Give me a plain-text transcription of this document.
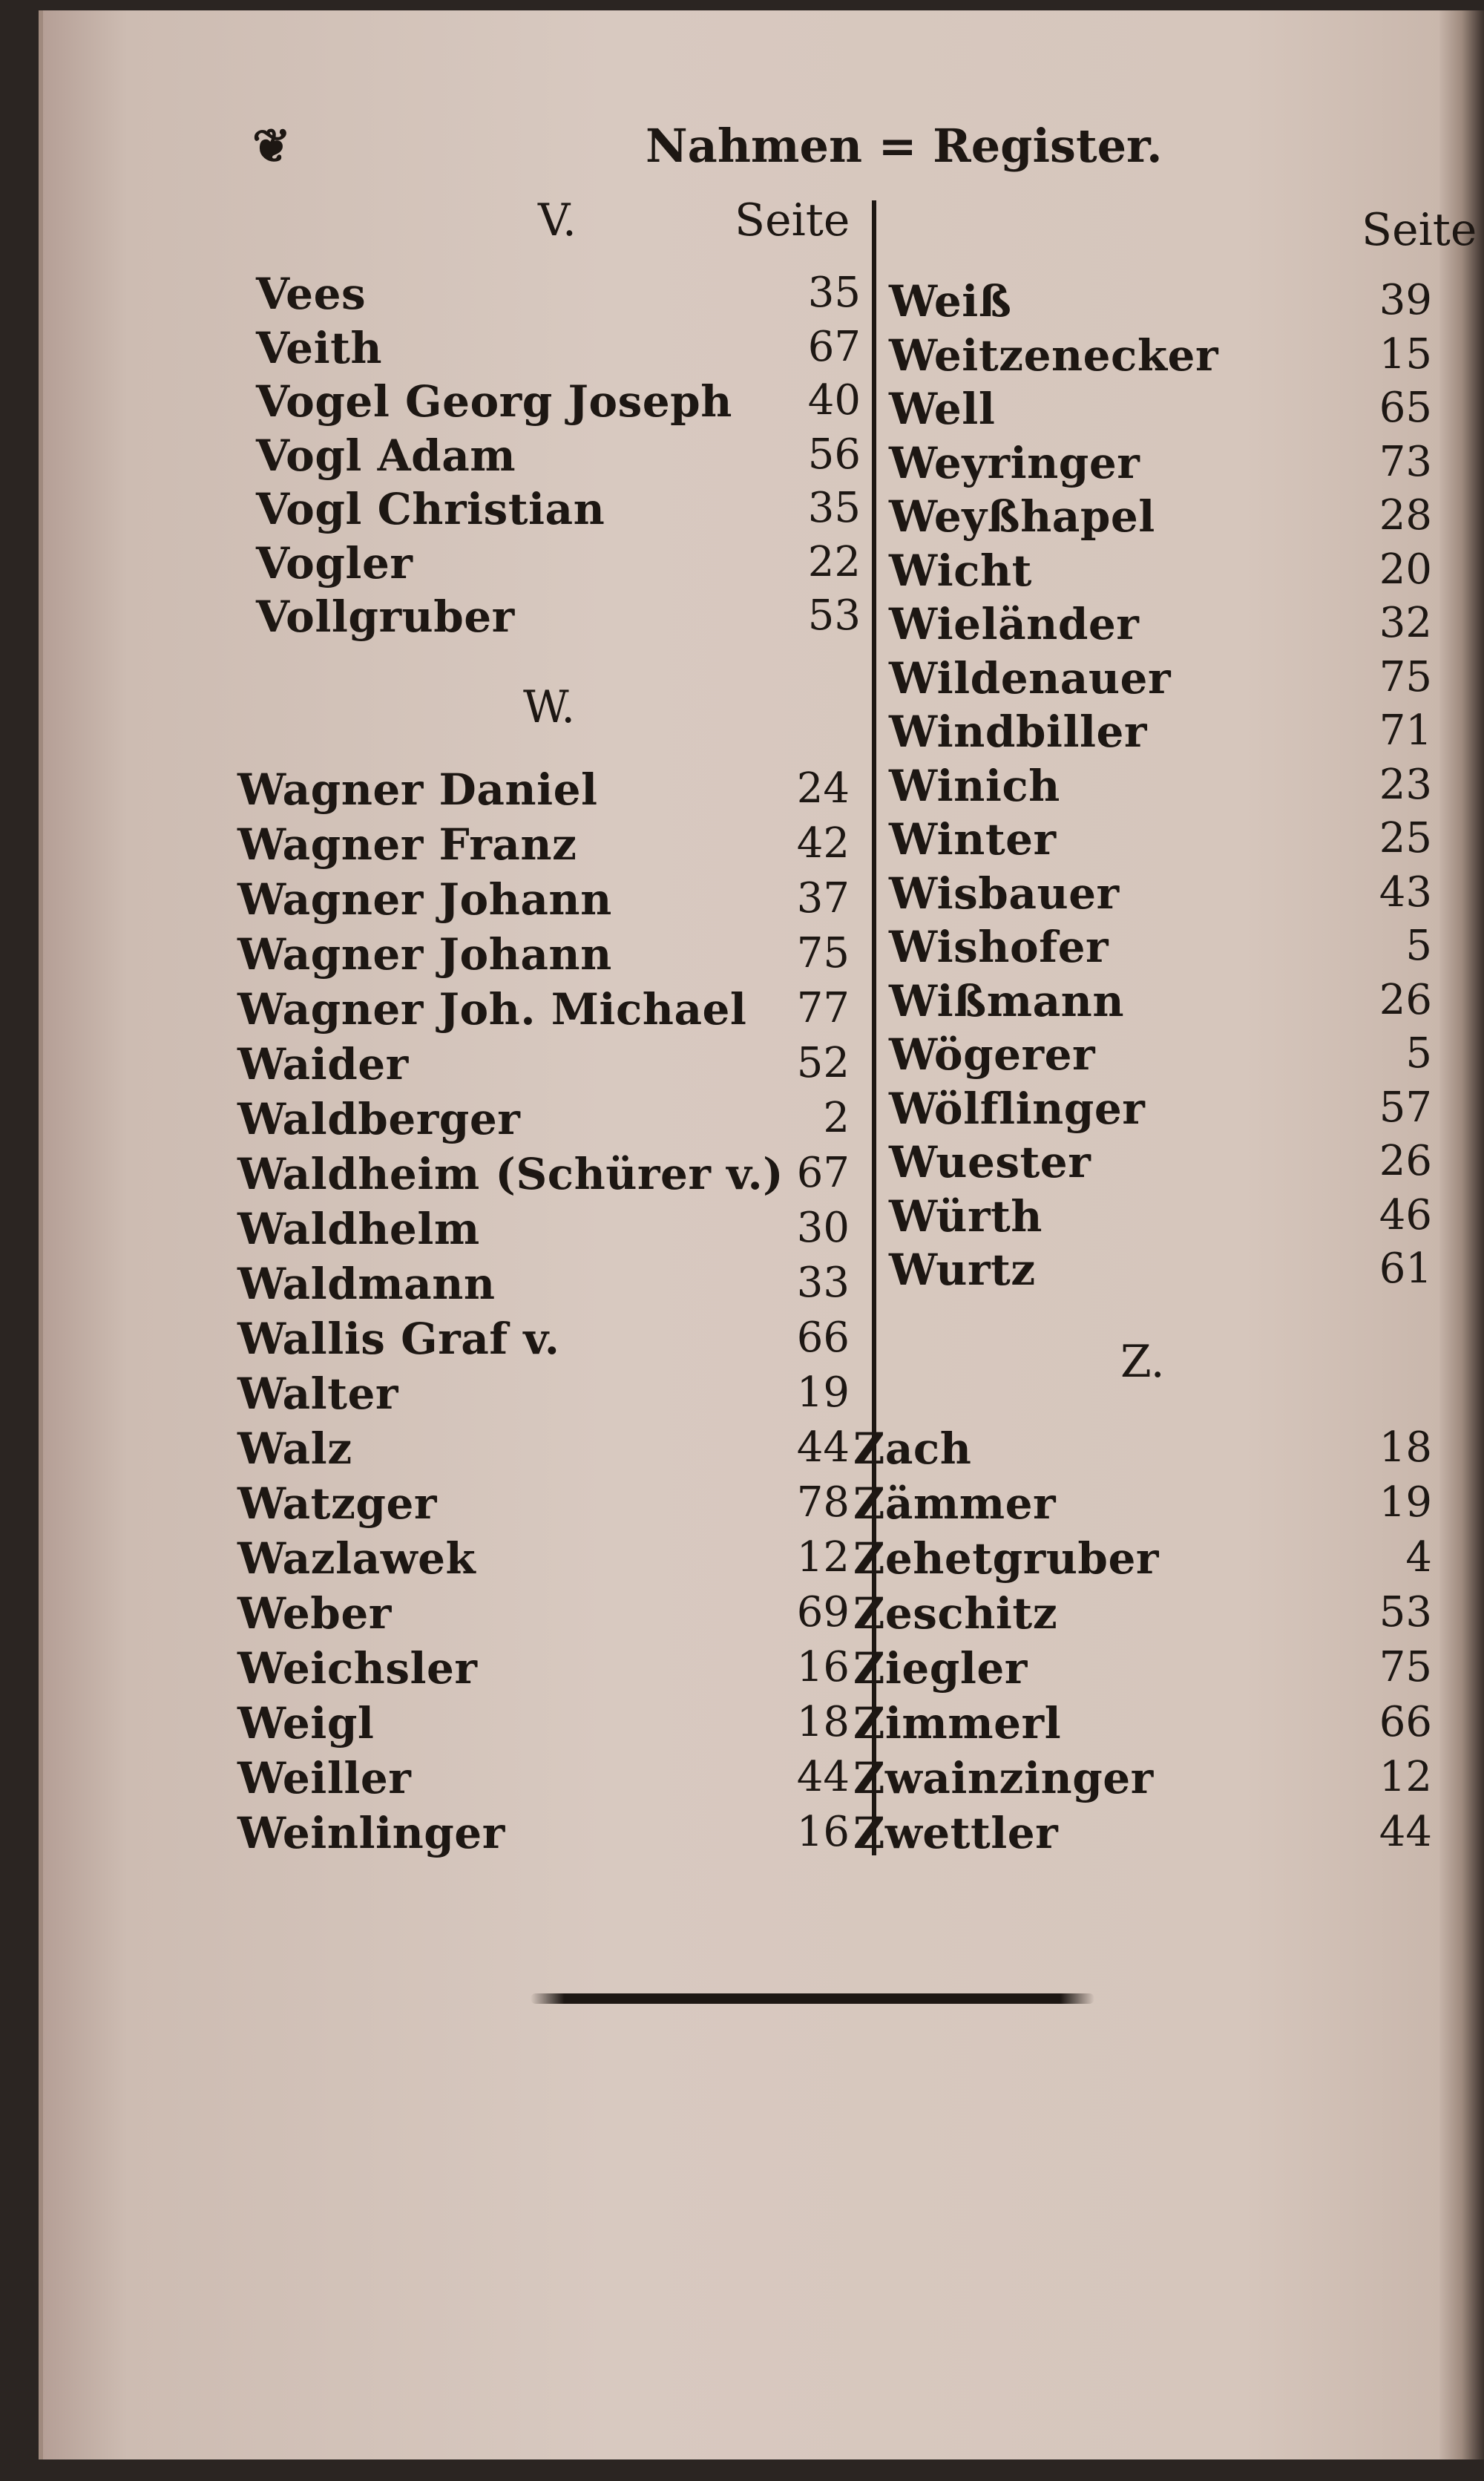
❦	Nahmen = Register.
V.	Seite	Seite
Vees	35
Veith	67
Vogel Georg Joseph	40
Vogl Adam	56
Vogl Christian	35
Vogler	22
Vollgruber	53
W.
Wagner Daniel	24
Wagner Franz	42
Wagner Johann	37
Wagner Johann	75
Wagner Joh. Michael	77
Waider	52
Waldberger	2
Waldheim (Schürer v.) 67
Waldhelm	30
Waldmann	33
Wallis Graf v.	66
Walter	19
Walz	44
Watzger	78
Wazlawek	12
Weber	69
Weichsler	16
Weigl	18
Weiller	44
Weinlinger	16
Weiß	39
Weitzenecker	15
Well	65
Weyringer	73
Weyßhapel	28
Wicht	20
Wieländer	32
Wildenauer	75
Windbiller	71
Winich	23
Winter	25
Wisbauer	43
Wishofer	5
Wißmann	26
Wögerer	5
Wölflinger	57
Wuester	26
Würth	46
Wurtz	61
Z.
Zach	18
Zämmer	19
Zehetgruber	4
Zeschitz	53
Ziegler	75
Zimmerl	66
Zwainzinger	12
Zwettler	44
